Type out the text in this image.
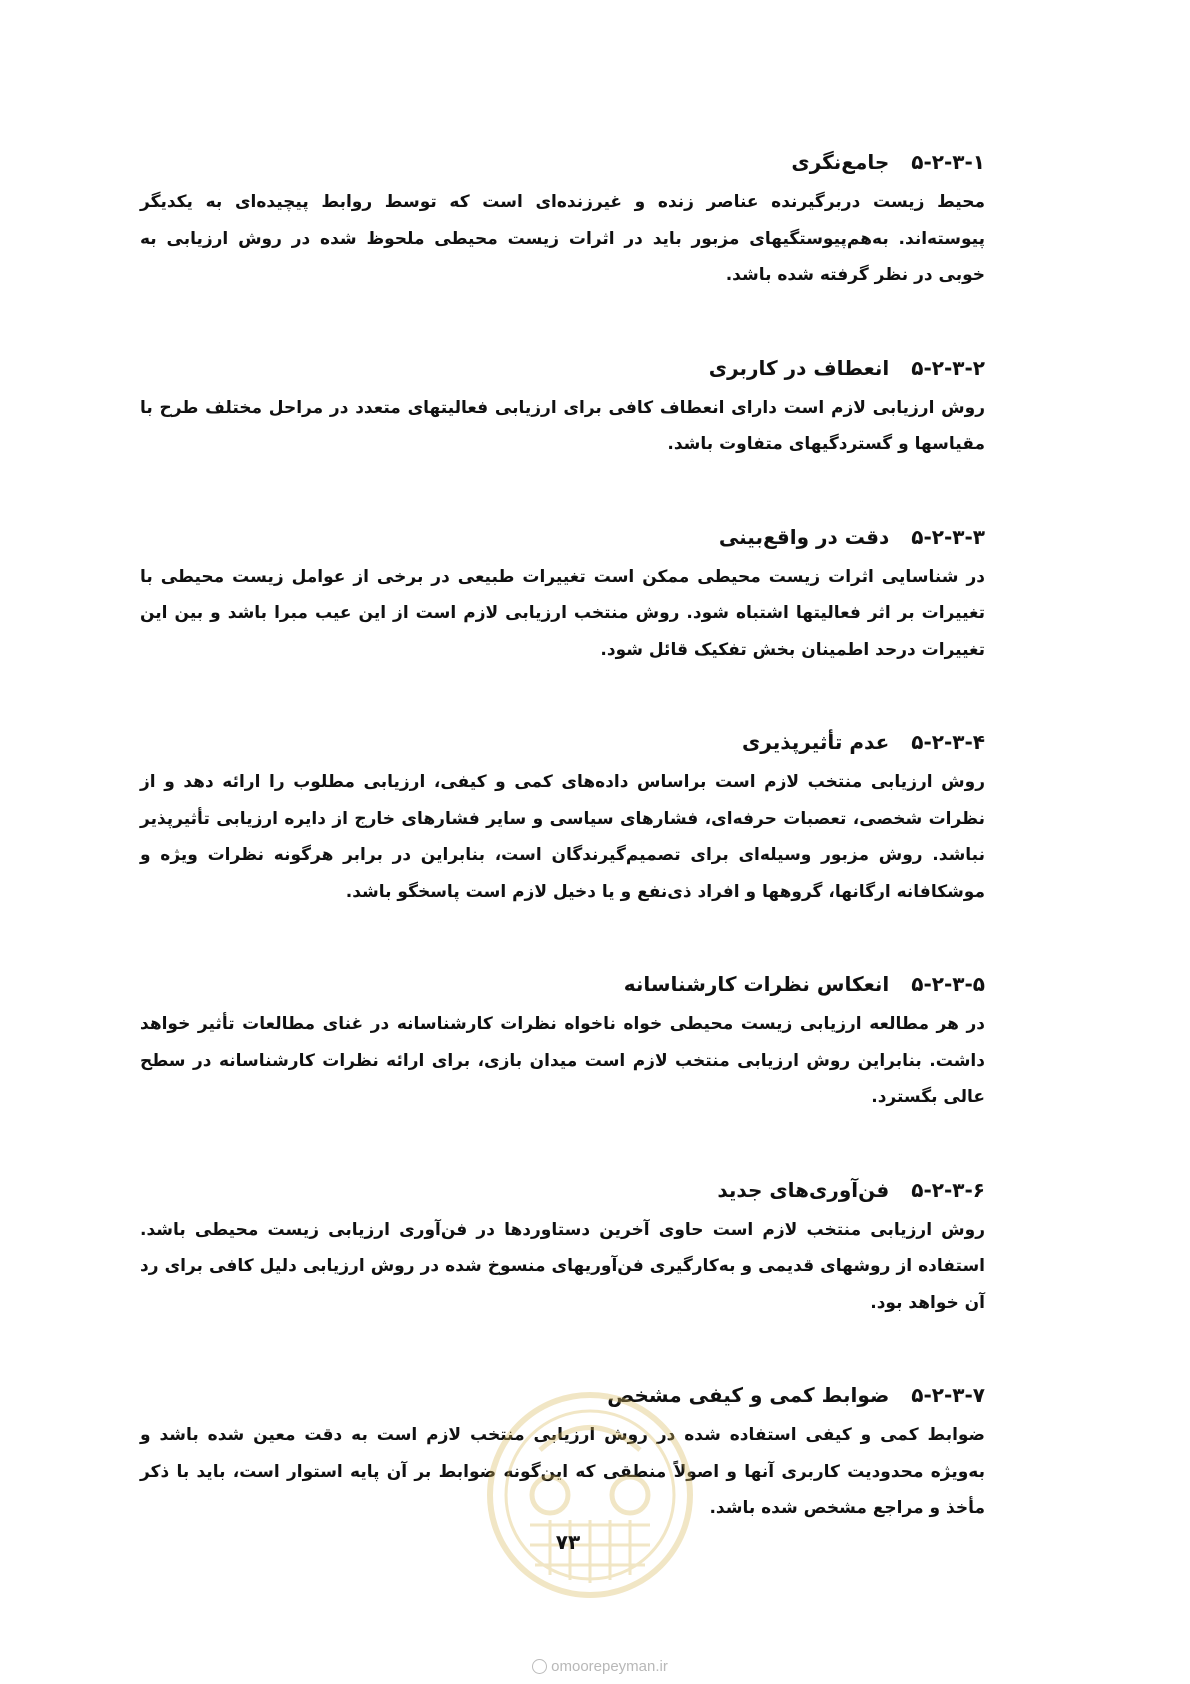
۵-۲-۳-۱
جامع‌نگری

محیط زیست دربرگیرنده عناصر زنده و غیرزنده‌ای است که توسط روابط پیچیده‌ای به یکدیگر پیوسته‌اند. به‌هم‌پیوستگیهای مزبور باید در اثرات زیست محیطی ملحوظ شده در روش ارزیابی به خوبی در نظر گرفته شده باشد.

۵-۲-۳-۲
انعطاف در کاربری

روش ارزیابی لازم است دارای انعطاف کافی برای ارزیابی فعالیتهای متعدد در مراحل مختلف طرح با مقیاسها و گستردگیهای متفاوت باشد.

۵-۲-۳-۳
دقت در واقع‌بینی

در شناسایی اثرات زیست محیطی ممکن است تغییرات طبیعی در برخی از عوامل زیست محیطی با تغییرات بر اثر فعالیتها اشتباه شود. روش منتخب ارزیابی لازم است از این عیب مبرا باشد و بین این تغییرات درحد اطمینان بخش تفکیک قائل شود.

۵-۲-۳-۴
عدم تأثیرپذیری

روش ارزیابی منتخب لازم است براساس داده‌های کمی و کیفی، ارزیابی مطلوب را ارائه دهد و از نظرات شخصی، تعصبات حرفه‌ای، فشارهای سیاسی و سایر فشارهای خارج از دایره ارزیابی تأثیرپذیر نباشد. روش مزبور وسیله‌ای برای تصمیم‌گیرندگان است، بنابراین در برابر هرگونه نظرات ویژه و موشکافانه ارگانها، گروهها و افراد ذی‌نفع و یا دخیل لازم است پاسخگو باشد.

۵-۲-۳-۵
انعکاس نظرات کارشناسانه

در هر مطالعه ارزیابی زیست محیطی خواه ناخواه نظرات کارشناسانه در غنای مطالعات تأثیر خواهد داشت. بنابراین روش ارزیابی منتخب لازم است میدان بازی، برای ارائه نظرات کارشناسانه در سطح عالی بگسترد.

۵-۲-۳-۶
فن‌آوری‌های جدید

روش ارزیابی منتخب لازم است حاوی آخرین دستاوردها در فن‌آوری ارزیابی زیست محیطی باشد. استفاده از روشهای قدیمی و به‌کارگیری فن‌آوریهای منسوخ شده در روش ارزیابی دلیل کافی برای رد آن خواهد بود.

۵-۲-۳-۷
ضوابط کمی و کیفی مشخص

ضوابط کمی و کیفی استفاده شده در روش ارزیابی منتخب لازم است به دقت معین شده باشد و به‌ویژه محدودیت کاربری آنها و اصولاً منطقی که این‌گونه ضوابط بر آن پایه استوار است، باید با ذکر مأخذ و مراجع مشخص شده باشد.

۷۳
omoorepeyman.ir
